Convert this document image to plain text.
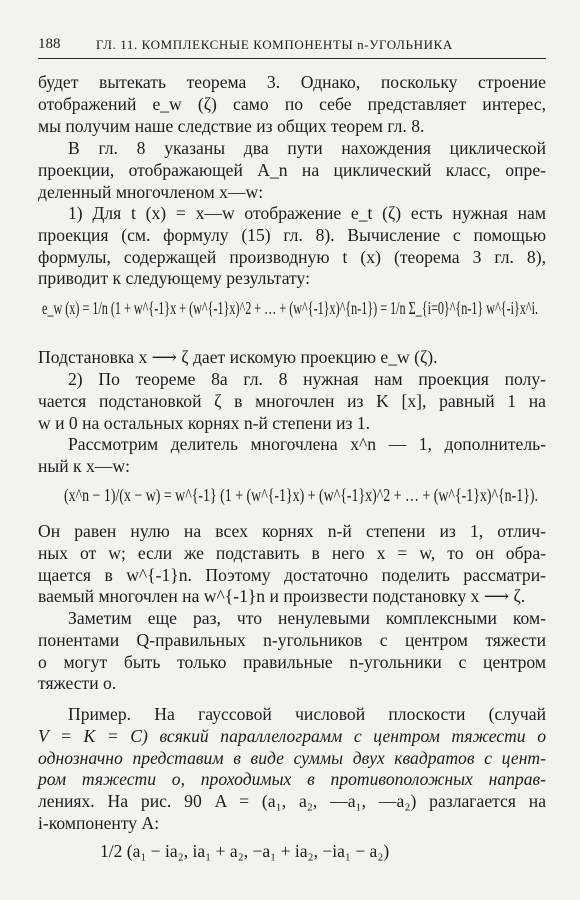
188	ГЛ. 11. КОМПЛЕКСНЫЕ КОМПОНЕНТЫ n-УГОЛЬНИКА
будет вытекать теорема 3. Однако, поскольку строение
отображений e_w (ζ) само по себе представляет интерес,
мы получим наше следствие из общих теорем гл. 8.
В гл. 8 указаны два пути нахождения циклической
проекции, отображающей A_n на циклический класс, опре-
деленный многочленом x—w:
1) Для t (x) = x—w отображение e_t (ζ) есть нужная нам
проекция (см. формулу (15) гл. 8). Вычисление с помощью
формулы, содержащей производную t (x) (теорема 3 гл. 8),
приводит к следующему результату:
e_w (x) = 1/n (1 + w^{-1}x + (w^{-1}x)^2 + … + (w^{-1}x)^{n-1}) = 1/n Σ_{i=0}^{n-1} w^{-i}x^i.
Подстановка x ⟶ ζ дает искомую проекцию e_w (ζ).
2) По теореме 8а гл. 8 нужная нам проекция полу-
чается подстановкой ζ в многочлен из K [x], равный 1 на
w и 0 на остальных корнях n-й степени из 1.
Рассмотрим делитель многочлена x^n — 1, дополнитель-
ный к x—w:
(x^n − 1)/(x − w) = w^{-1} (1 + (w^{-1}x) + (w^{-1}x)^2 + … + (w^{-1}x)^{n-1}).
Он равен нулю на всех корнях n-й степени из 1, отлич-
ных от w; если же подставить в него x = w, то он обра-
щается в w^{-1}n. Поэтому достаточно поделить рассматри-
ваемый многочлен на w^{-1}n и произвести подстановку x ⟶ ζ.
Заметим еще раз, что ненулевыми комплексными ком-
понентами Q-правильных n-угольников с центром тяжести
o могут быть только правильные n-угольники с центром
тяжести o.
Пример. На гауссовой числовой плоскости (случай
V = K = C) всякий параллелограмм с центром тяжести o
однозначно представим в виде суммы двух квадратов с цент-
ром тяжести o, проходимых в противоположных направ-
лениях. На рис. 90 A = (a₁, a₂, —a₁, —a₂) разлагается на
i-компоненту A:
1/2 (a₁ − ia₂, ia₁ + a₂, −a₁ + ia₂, −ia₁ − a₂)
